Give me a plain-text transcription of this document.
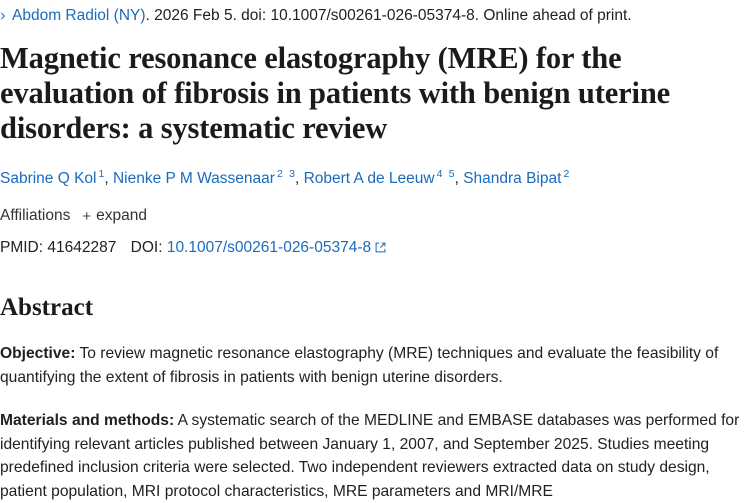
› Abdom Radiol (NY) . 2026 Feb 5. doi: 10.1007/s00261-026-05374-8. Online ahead of print.
Magnetic resonance elastography (MRE) for the evaluation of fibrosis in patients with benign uterine disorders: a systematic review
Sabrine Q Kol $^1$, Nienke P M Wassenaar $^2$ $^3$, Robert A de Leeuw $^4$ $^5$, Shandra Bipat $^2$
Affiliations + expand
PMID: 41642287 DOI: 10.1007/s00261-026-05374-8
Abstract

Objective: To review magnetic resonance elastography (MRE) techniques and evaluate the feasibility of quantifying the extent of fibrosis in patients with benign uterine disorders.

Materials and methods: A systematic search of the MEDLINE and EMBASE databases was performed for identifying relevant articles published between January 1, 2007, and September 2025. Studies meeting predefined inclusion criteria were selected. Two independent reviewers extracted data on study design, patient population, MRI protocol characteristics, MRE parameters and MRI/MRE
